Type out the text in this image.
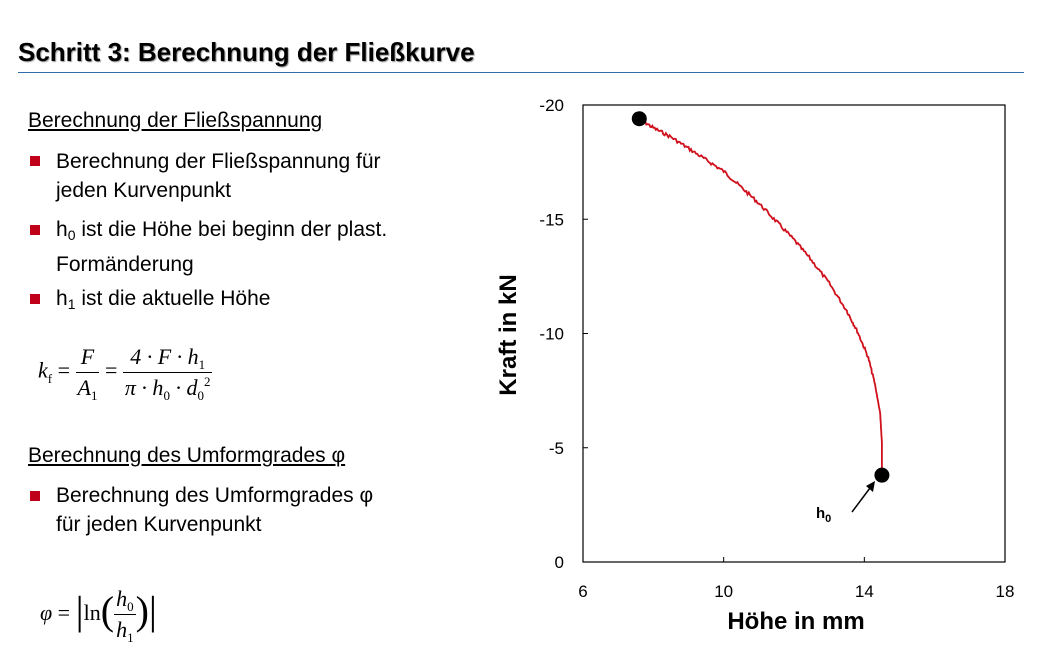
Schritt 3: Berechnung der Fließkurve
Berechnung der Fließspannung
Berechnung der Fließspannung für
jeden Kurvenpunkt
$h_0$ ist die Höhe bei beginn der plast.
Formänderung
$h_1$ ist die aktuelle Höhe
$k_f = \frac{F}{A_1} = \frac{4 \cdot F \cdot h_1}{\pi \cdot h_0 \cdot d_0^2}$
Berechnung des Umformgrades φ
Berechnung des Umformgrades φ
für jeden Kurvenpunkt
$\varphi = |\ln( \frac{h_0}{h_1}$ )|
Kraft in kN
Höhe in mm
6	10	14	18
0
-5
-10
-15
-20
$h_0$
